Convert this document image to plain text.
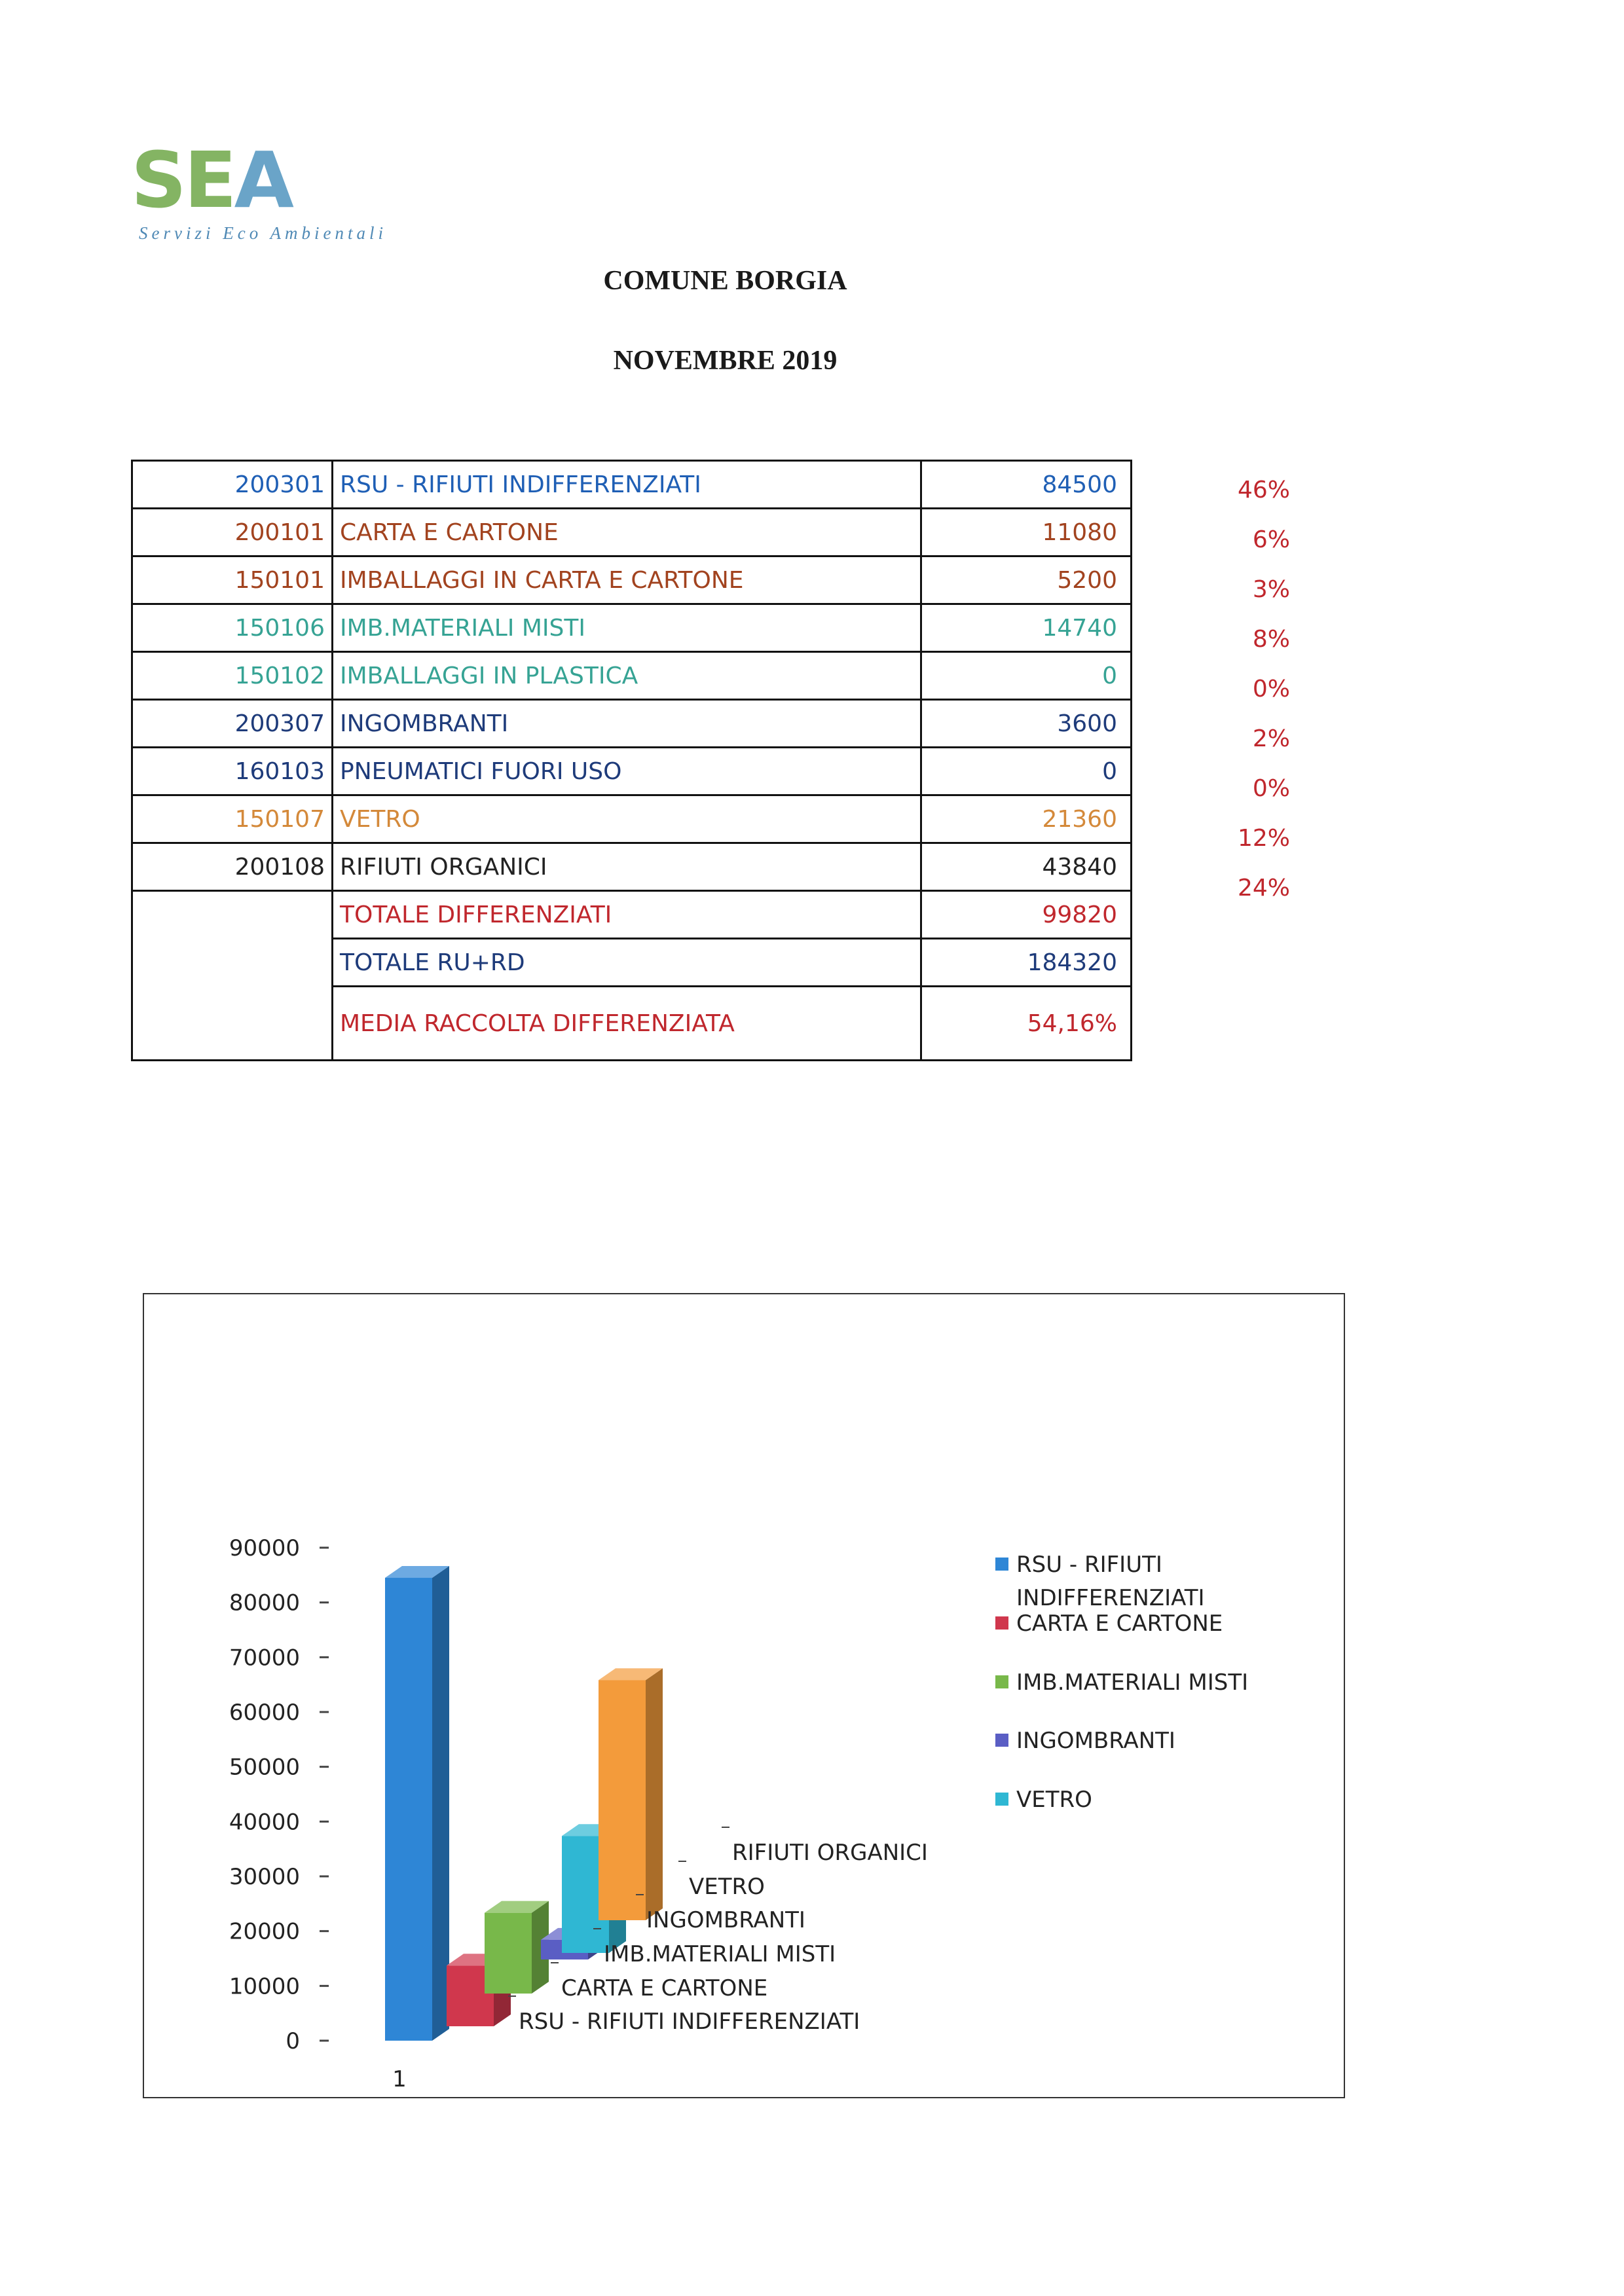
SEA
Servizi Eco Ambientali
COMUNE BORGIA
NOVEMBRE 2019
200301	RSU - RIFIUTI INDIFFERENZIATI	84500
200101	CARTA E CARTONE	11080
150101	IMBALLAGGI IN CARTA E CARTONE	5200
150106	IMB.MATERIALI MISTI	14740
150102	IMBALLAGGI IN PLASTICA	0
200307	INGOMBRANTI	3600
160103	PNEUMATICI FUORI USO	0
150107	VETRO	21360
200108	RIFIUTI ORGANICI	43840
	TOTALE DIFFERENZIATI	99820
	TOTALE RU+RD	184320
	MEDIA RACCOLTA DIFFERENZIATA	54,16%
46%
6%
3%
8%
0%
2%
0%
12%
24%
0
10000
20000
30000
40000
50000
60000
70000
80000
90000
1
RSU - RIFIUTI INDIFFERENZIATI
CARTA E CARTONE
IMB.MATERIALI MISTI
INGOMBRANTI
VETRO
RIFIUTI ORGANICI
RSU - RIFIUTI
INDIFFERENZIATI
CARTA E CARTONE
IMB.MATERIALI MISTI
INGOMBRANTI
VETRO
